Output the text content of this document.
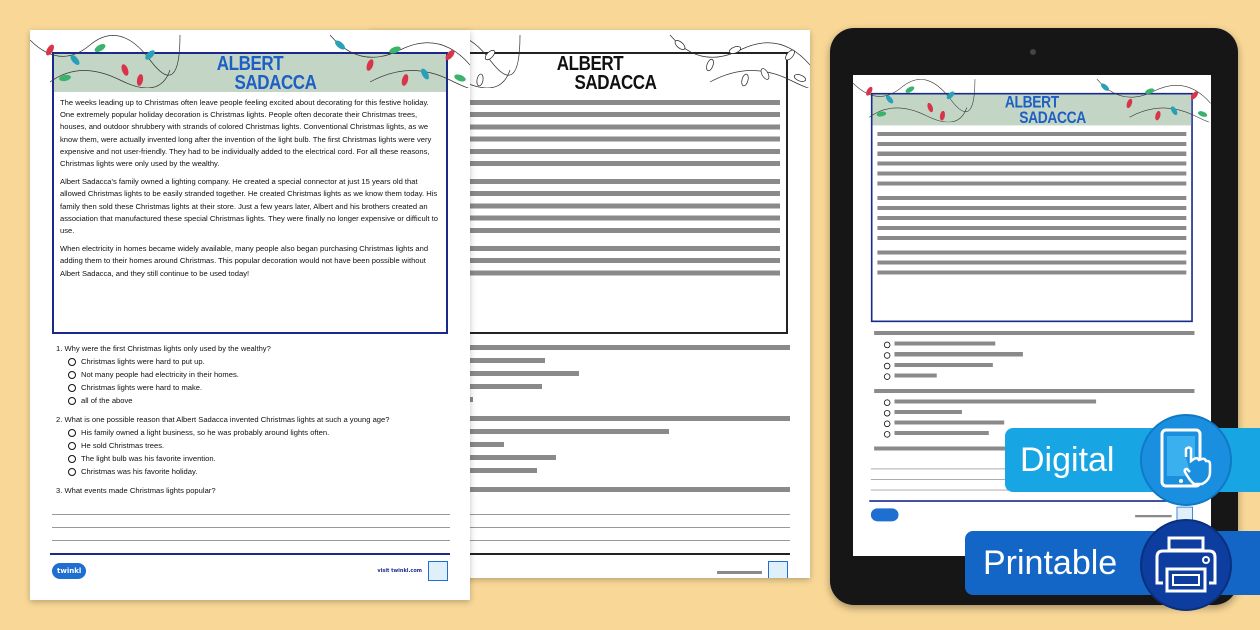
ALBERT
SADACCA

The weeks leading up to Christmas often leave people feeling excited about decorating for this festive holiday. One extremely popular holiday decoration is Christmas lights. People often decorate their Christmas trees, houses, and outdoor shrubbery with strands of colored Christmas lights. Conventional Christmas lights, as we know them, were actually invented long after the invention of the light bulb. The first Christmas lights were very expensive and not user-friendly. They had to be individually added to the electrical cord. For all these reasons, Christmas lights were only used by the wealthy.

Albert Sadacca's family owned a lighting company. He created a special connector at just 15 years old that allowed Christmas lights to be easily stranded together. He created Christmas lights as we know them today. His family then sold these Christmas lights at their store. Just a few years later, Albert and his brothers created an association that manufactured these special Christmas lights. They were finally no longer expensive or difficult to use.

When electricity in homes became widely available, many people also began purchasing Christmas lights and adding them to their homes around Christmas. This popular decoration would not have been possible without Albert Sadacca, and they still continue to be used today!

1. Why were the first Christmas lights only used by the wealthy?
Christmas lights were hard to put up.
Not many people had electricity in their homes.
Christmas lights were hard to make.
all of the above
2. What is one possible reason that Albert Sadacca invented Christmas lights at such a young age?
His family owned a light business, so he was probably around lights often.
He sold Christmas trees.
The light bulb was his favorite invention.
Christmas was his favorite holiday.
3. What events made Christmas lights popular?
twinkl	visit twinkl.com
ALBERT
SADACCA

ALBERT
SADACCA

Digital
Printable
